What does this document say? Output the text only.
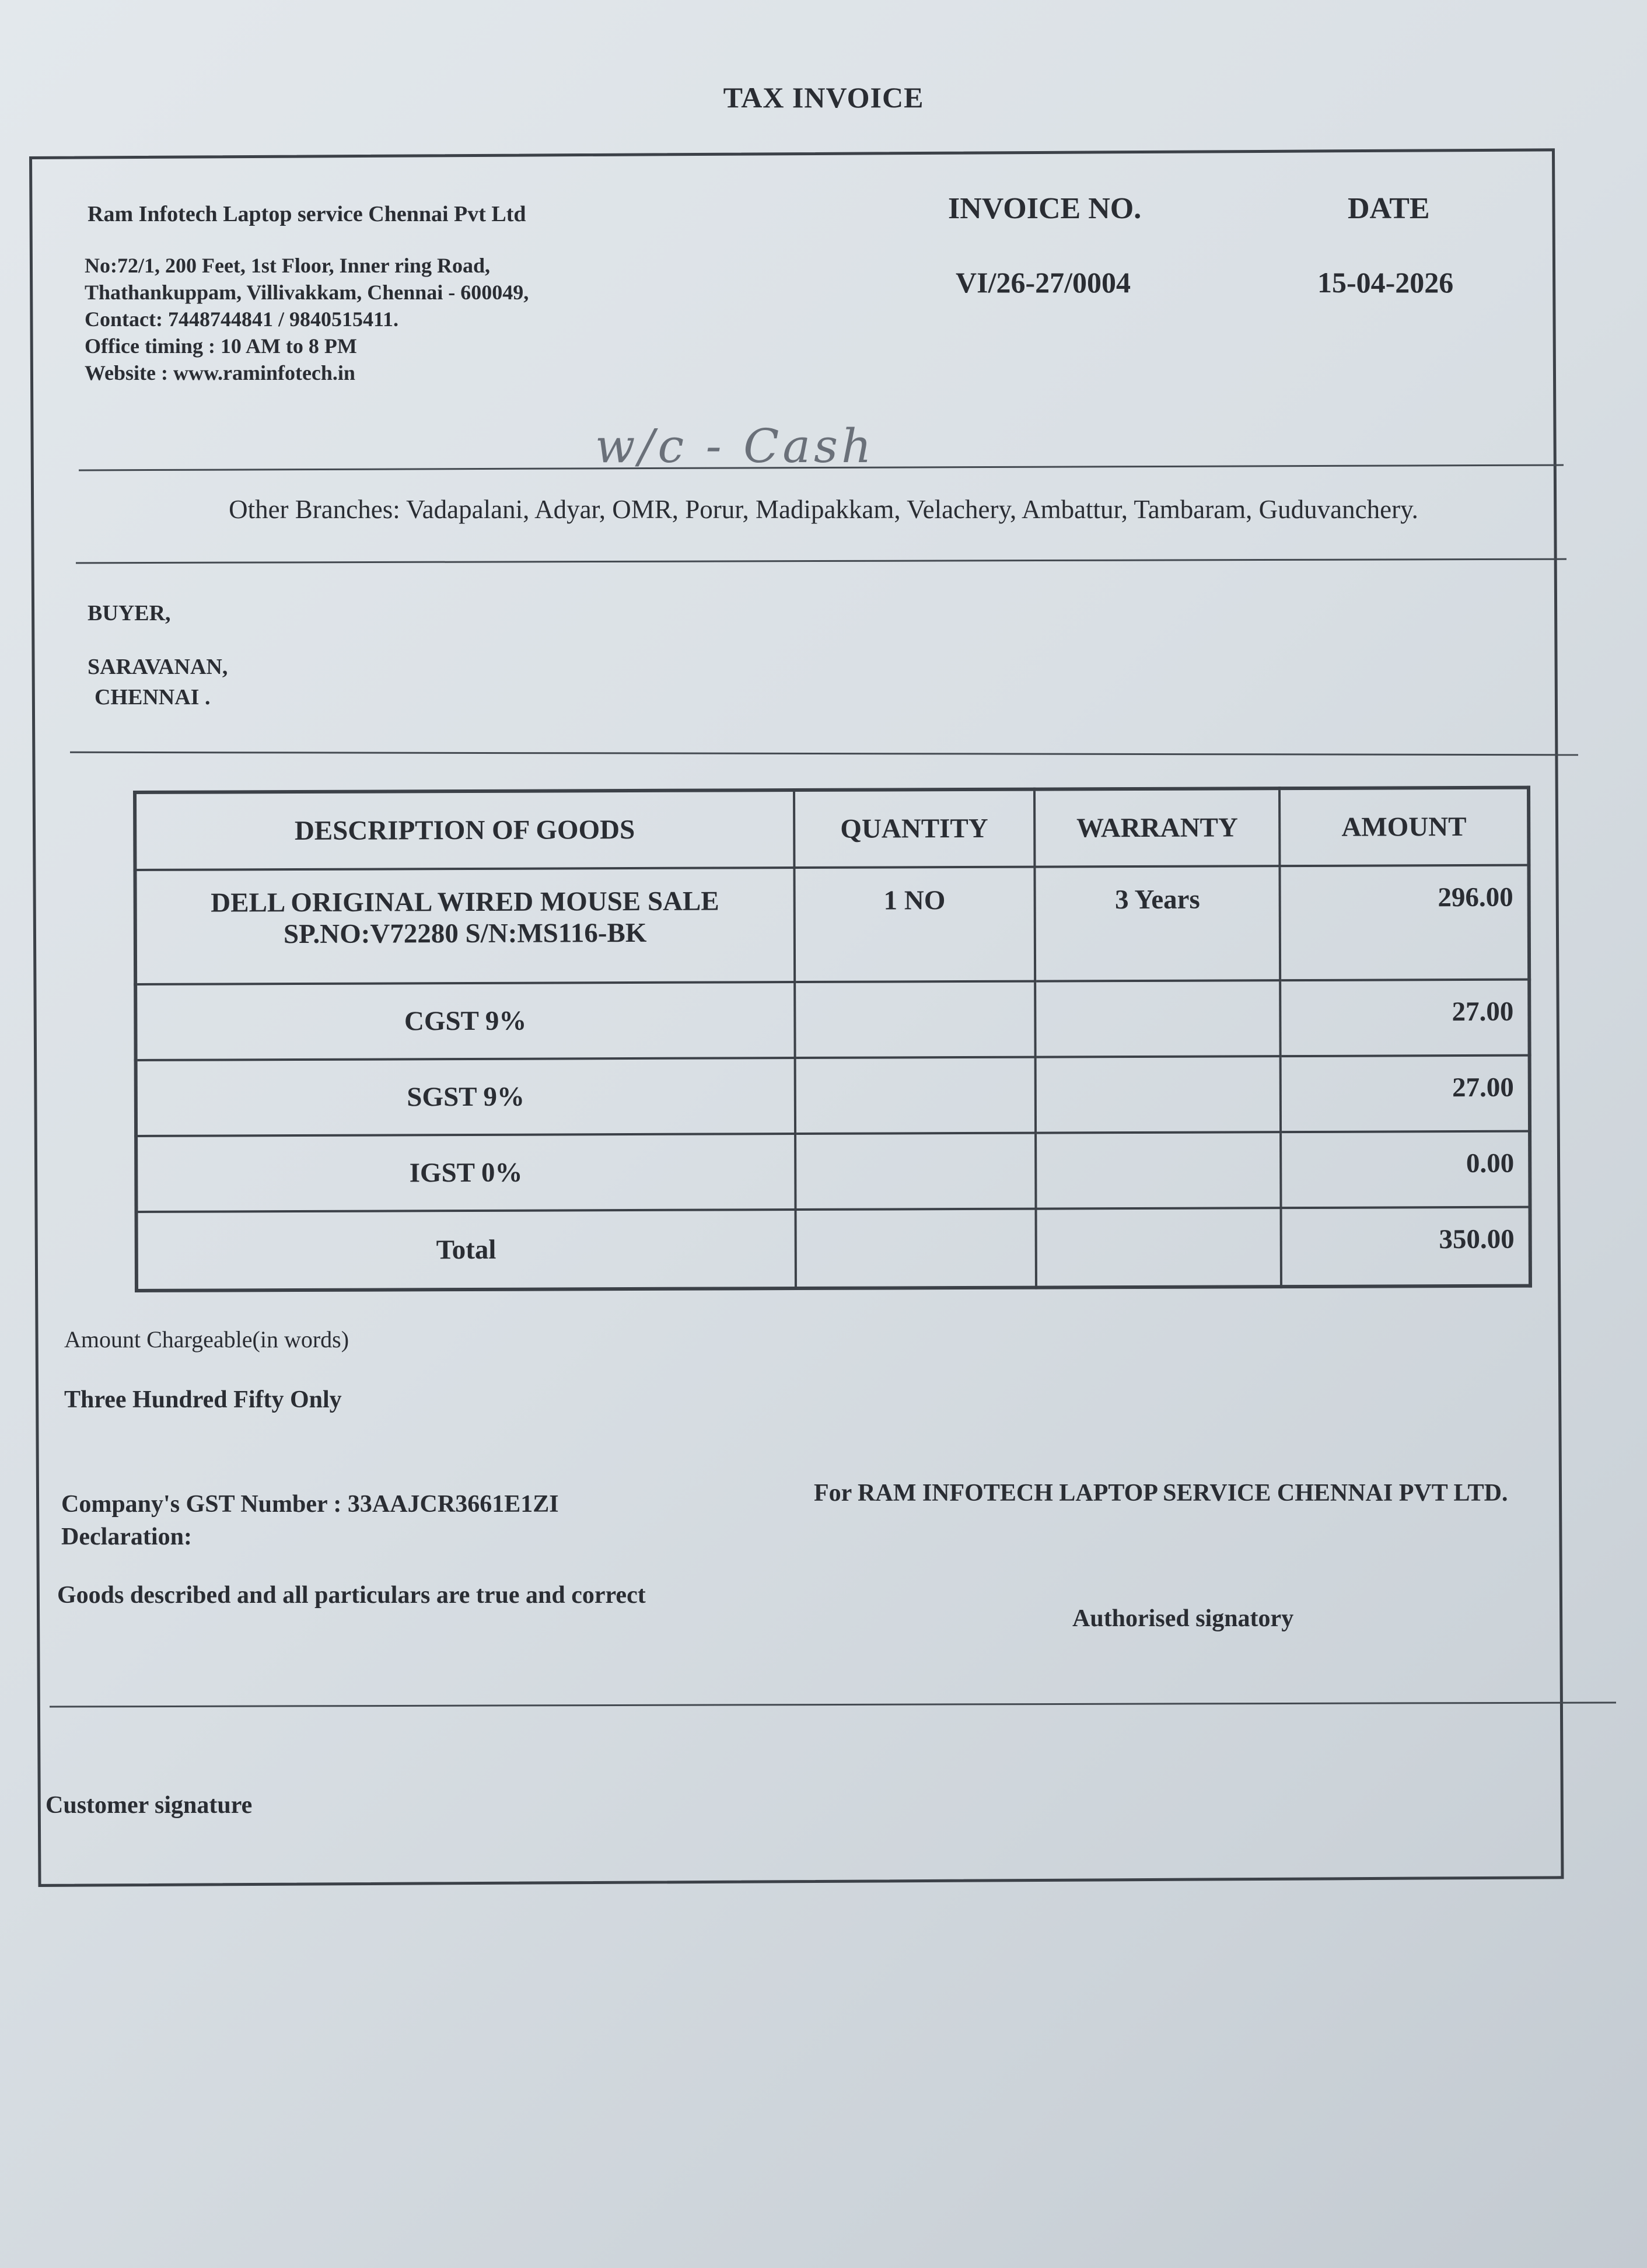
TAX INVOICE
Ram Infotech Laptop service Chennai Pvt Ltd
No:72/1, 200 Feet, 1st Floor, Inner ring Road,
Thathankuppam, Villivakkam, Chennai - 600049,
Contact: 7448744841 / 9840515411.
Office timing : 10 AM to 8 PM
Website : www.raminfotech.in
INVOICE NO.	DATE
VI/26-27/0004	15-04-2026
w/c - Cash
Other Branches: Vadapalani, Adyar, OMR, Porur, Madipakkam, Velachery, Ambattur, Tambaram, Guduvanchery.
BUYER,
SARAVANAN,
CHENNAI .
DESCRIPTION OF GOODS	QUANTITY	WARRANTY	AMOUNT

DELL ORIGINAL WIRED MOUSE SALE
SP.NO:V72280 S/N:MS116-BK	1 NO	3 Years	296.00
CGST 9%			27.00
SGST 9%			27.00
IGST 0%			0.00
Total			350.00
Amount Chargeable(in words)
Three Hundred Fifty Only
Company's GST Number : 33AAJCR3661E1ZI
Declaration:
Goods described and all particulars are true and correct
For RAM INFOTECH LAPTOP SERVICE CHENNAI PVT LTD.
Authorised signatory
Customer signature
